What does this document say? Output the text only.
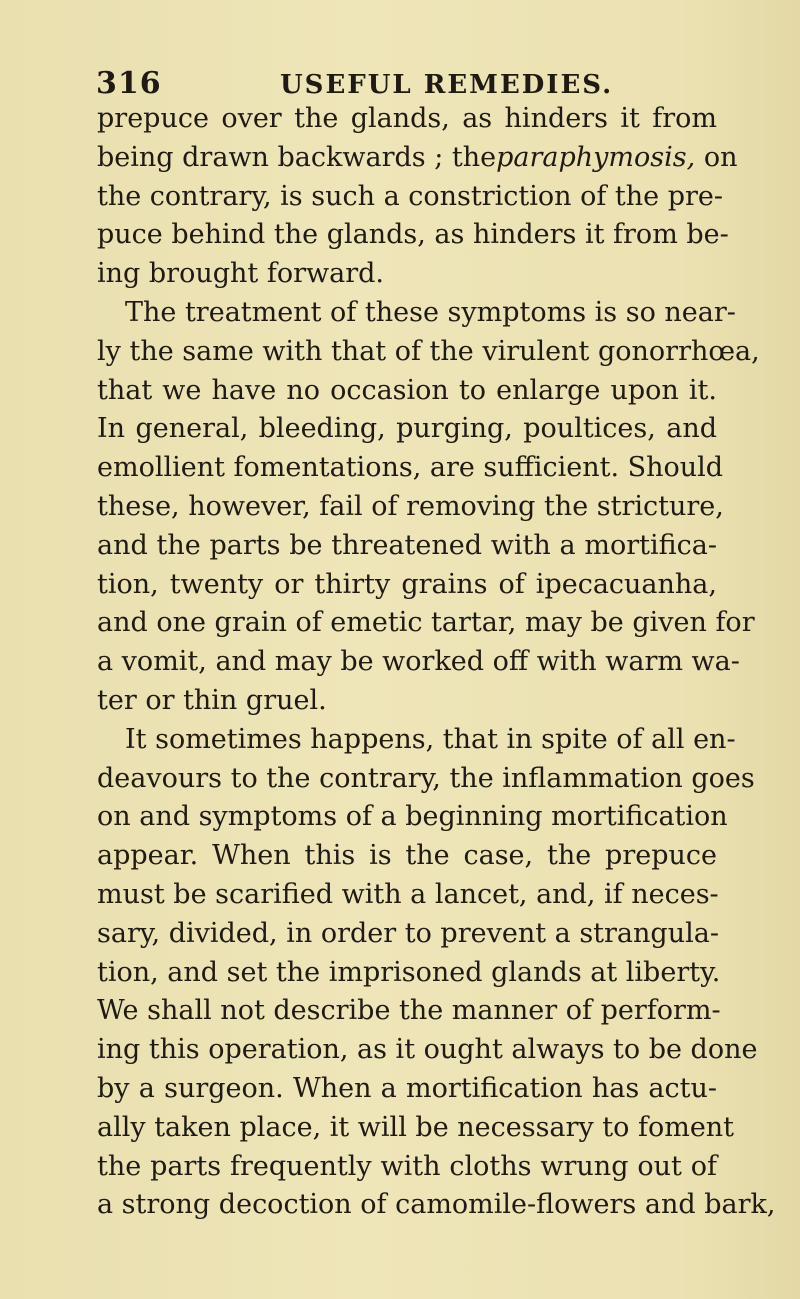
316	USEFUL REMEDIES.
prepuce over the glands, as hinders it from
being drawn backwards ; theparaphymosis, on
the contrary, is such a constriction of the pre-
puce behind the glands, as hinders it from be-
ing brought forward.
The treatment of these symptoms is so near-
ly the same with that of the virulent gonorrhœa,
that we have no occasion to enlarge upon it.
In general, bleeding, purging, poultices, and
emollient fomentations, are sufficient. Should
these, however, fail of removing the stricture,
and the parts be threatened with a mortifica-
tion, twenty or thirty grains of ipecacuanha,
and one grain of emetic tartar, may be given for
a vomit, and may be worked off with warm wa-
ter or thin gruel.
It sometimes happens, that in spite of all en-
deavours to the contrary, the inflammation goes
on and symptoms of a beginning mortification
appear. When this is the case, the prepuce
must be scarified with a lancet, and, if neces-
sary, divided, in order to prevent a strangula-
tion, and set the imprisoned glands at liberty.
We shall not describe the manner of perform-
ing this operation, as it ought always to be done
by a surgeon. When a mortification has actu-
ally taken place, it will be necessary to foment
the parts frequently with cloths wrung out of
a strong decoction of camomile-flowers and bark,
